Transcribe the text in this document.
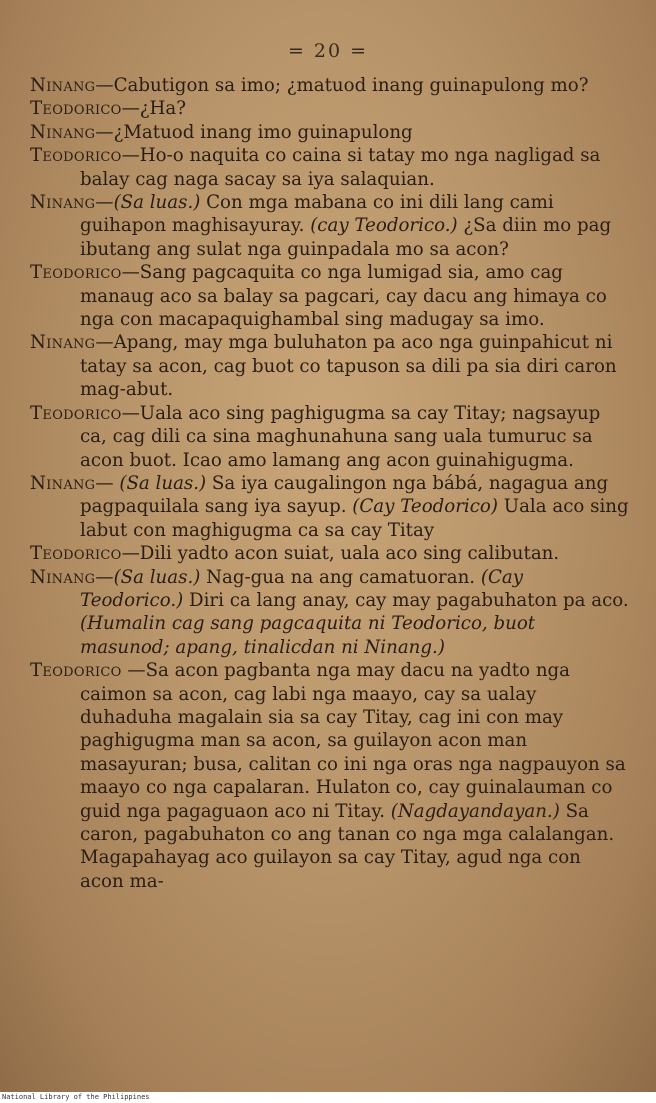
= 20 =

Ninang—Cabutigon sa imo; ¿matuod inang guinapulong mo?

Teodorico—¿Ha?

Ninang—¿Matuod inang imo guinapulong

Teodorico—Ho-o naquita co caina si tatay mo nga nagligad sa balay cag naga sacay sa iya salaquian.

Ninang—(Sa luas.) Con mga mabana co ini dili lang cami guihapon maghisayuray. (cay Teodorico.) ¿Sa diin mo pag ibutang ang sulat nga guinpadala mo sa acon?

Teodorico—Sang pagcaquita co nga lumigad sia, amo cag manaug aco sa balay sa pagcari, cay dacu ang himaya co nga con macapaquighambal sing madugay sa imo.

Ninang—Apang, may mga buluhaton pa aco nga guinpahicut ni tatay sa acon, cag buot co tapuson sa dili pa sia diri caron mag-abut.

Teodorico—Uala aco sing paghigugma sa cay Titay; nagsayup ca, cag dili ca sina maghunahuna sang uala tumuruc sa acon buot. Icao amo lamang ang acon guinahigugma.

Ninang— (Sa luas.) Sa iya caugalingon nga bábá, nagagua ang pagpaquilala sang iya sayup. (Cay Teodorico) Uala aco sing labut con maghigugma ca sa cay Titay

Teodorico—Dili yadto acon suiat, uala aco sing calibutan.

Ninang—(Sa luas.) Nag-gua na ang camatuoran. (Cay Teodorico.) Diri ca lang anay, cay may pagabuhaton pa aco. (Humalin cag sang pagcaquita ni Teodorico, buot masunod; apang, tinalicdan ni Ninang.)

Teodorico —Sa acon pagbanta nga may dacu na yadto nga caimon sa acon, cag labi nga maayo, cay sa ualay duhaduha magalain sia sa cay Titay, cag ini con may paghigugma man sa acon, sa guilayon acon man masayuran; busa, calitan co ini nga oras nga nagpauyon sa maayo co nga capalaran. Hulaton co, cay guinalauman co guid nga pagaguaon aco ni Titay. (Nagdayandayan.) Sa caron, pagabuhaton co ang tanan co nga mga calalangan. Magapahayag aco guilayon sa cay Titay, agud nga con acon ma-

National Library of the Philippines
